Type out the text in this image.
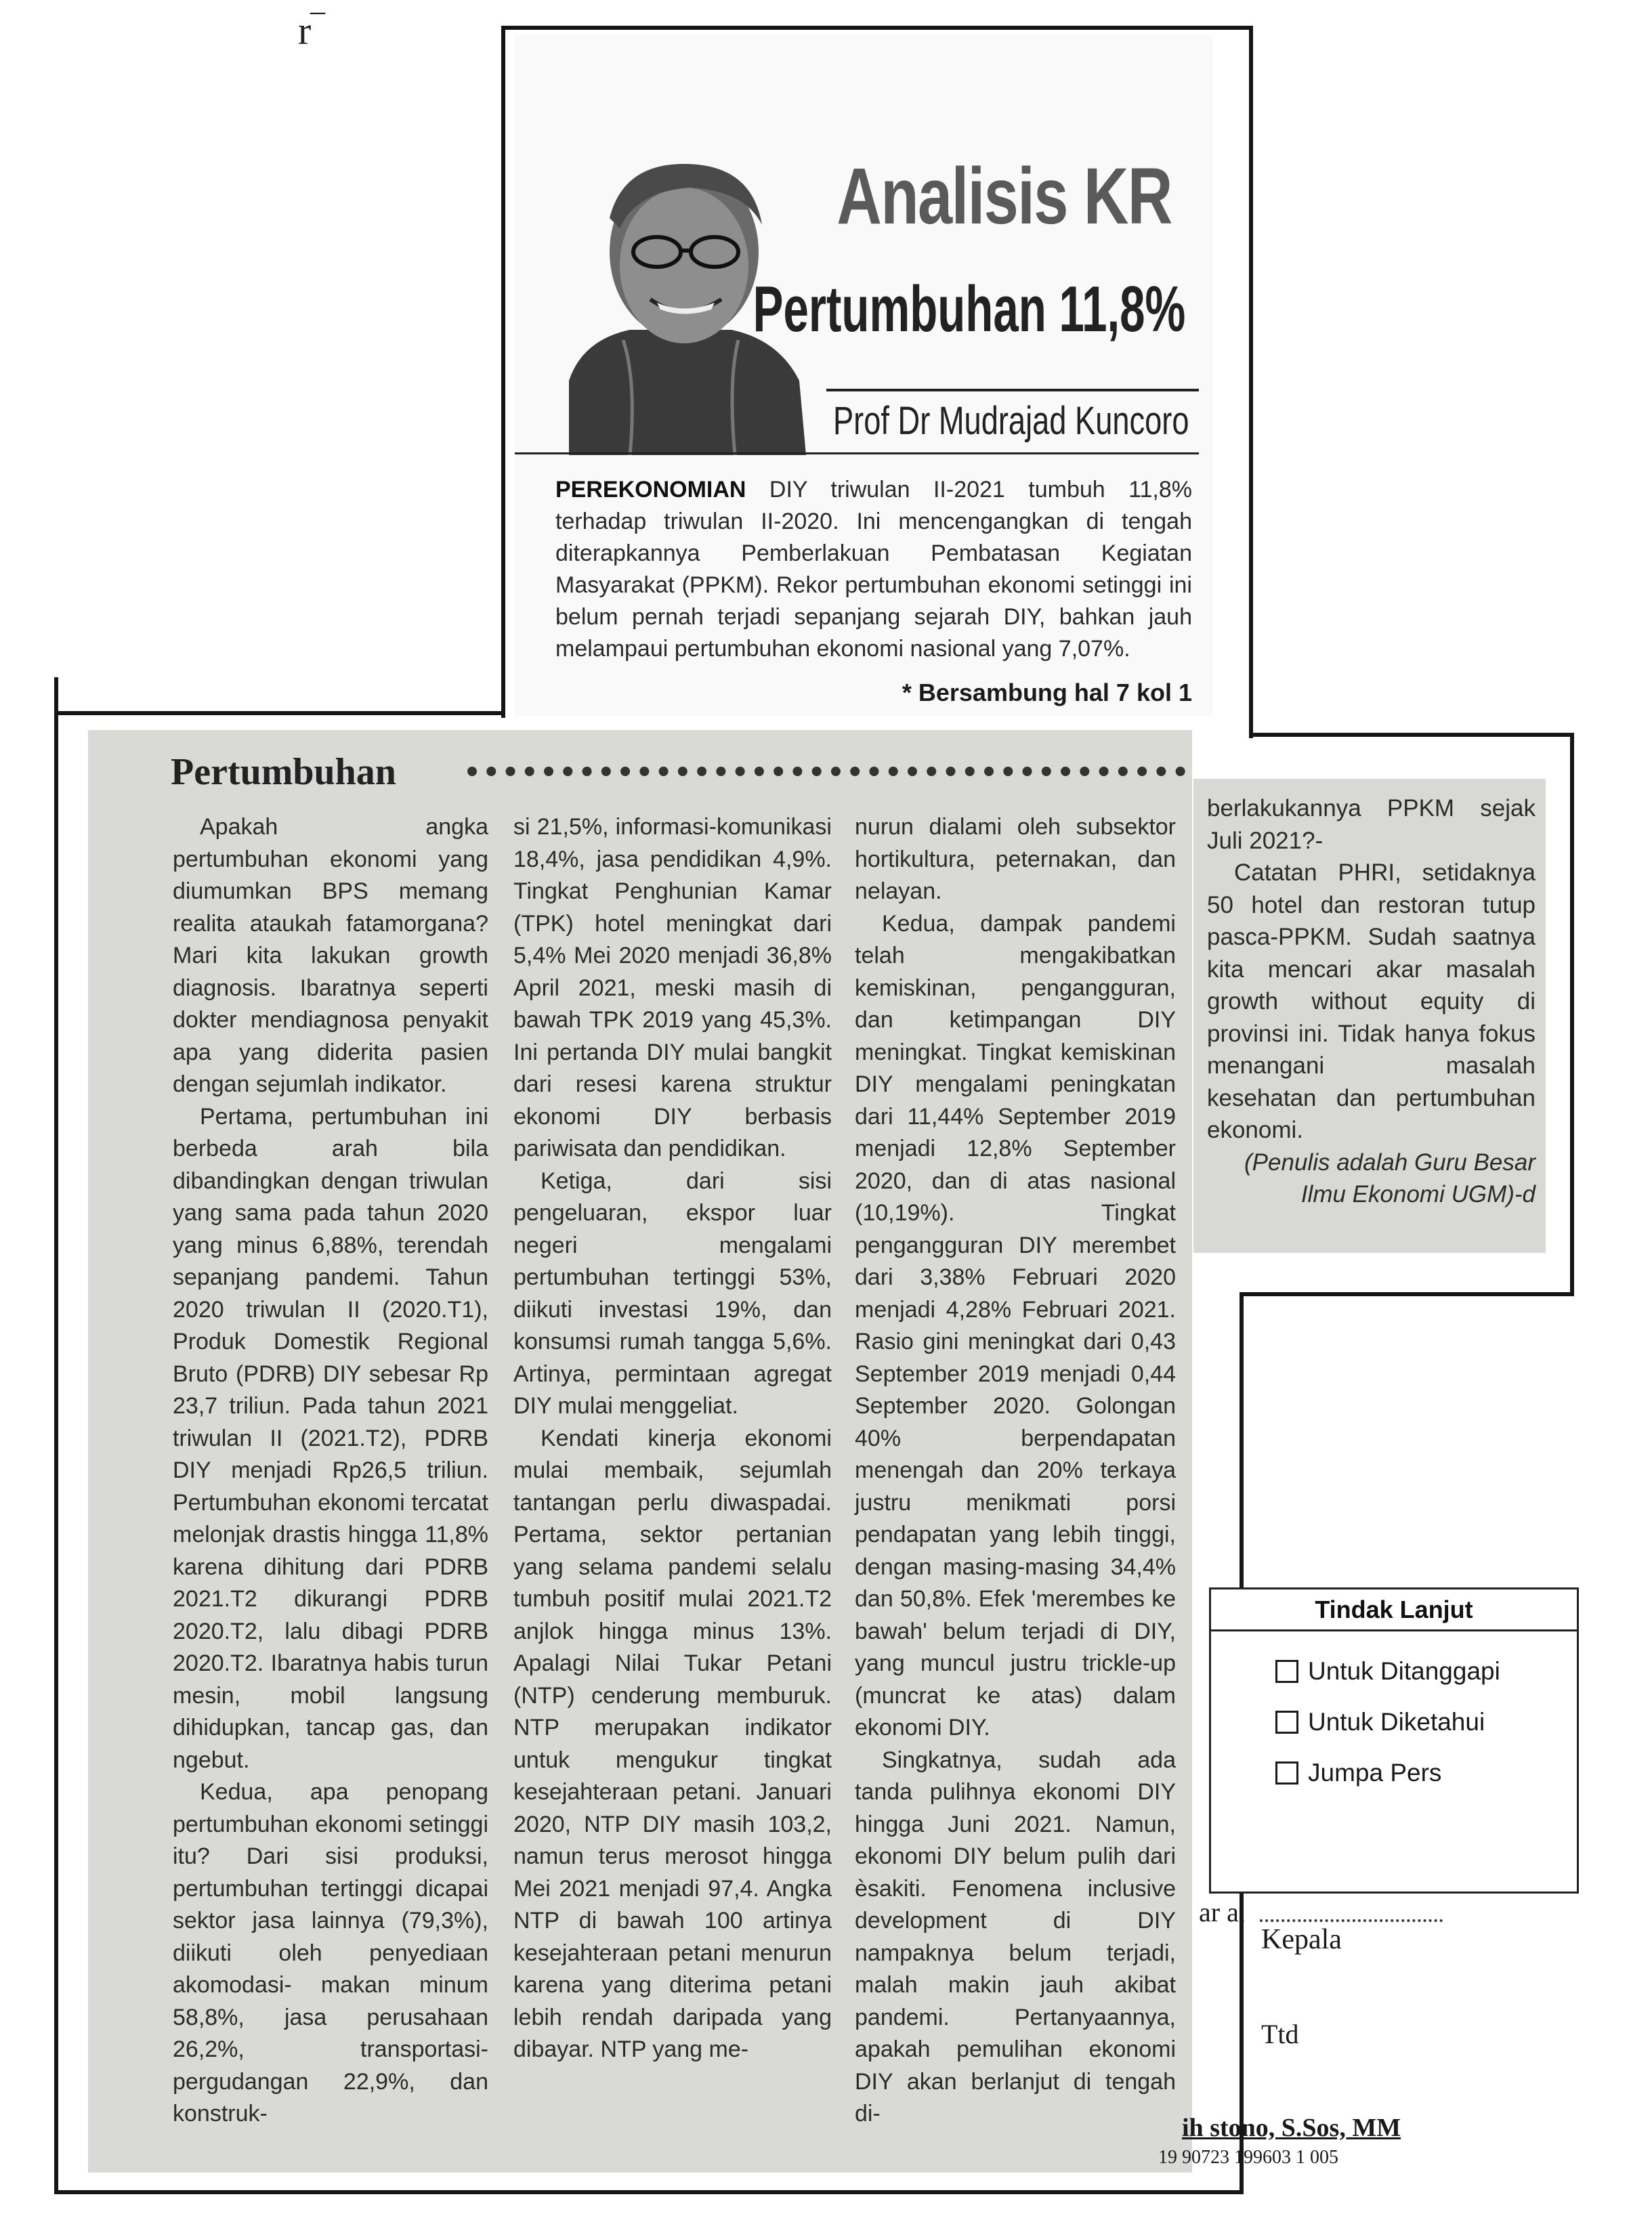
r‾
Analisis KR
Pertumbuhan 11,8%
Prof Dr Mudrajad Kuncoro
PEREKONOMIAN DIY triwulan II-2021 tumbuh 11,8% terhadap triwulan II-2020. Ini mencengangkan di tengah diterapkannya Pemberlakuan Pembatasan Kegiatan Masyarakat (PPKM). Rekor pertumbuhan ekonomi setinggi ini belum pernah terjadi sepanjang sejarah DIY, bahkan jauh melampaui pertumbuhan ekonomi nasional yang 7,07%.
* Bersambung hal 7 kol 1
Pertumbuhan

Apakah angka pertumbuhan ekonomi yang diumumkan BPS memang realita ataukah fatamorgana? Mari kita lakukan growth diagnosis. Ibaratnya seperti dokter mendiagnosa penyakit apa yang diderita pasien dengan sejumlah indikator.

Pertama, pertumbuhan ini berbeda arah bila dibandingkan dengan triwulan yang sama pada tahun 2020 yang minus 6,88%, terendah sepanjang pandemi. Tahun 2020 triwulan II (2020.T1), Produk Domestik Regional Bruto (PDRB) DIY sebesar Rp 23,7 triliun. Pada tahun 2021 triwulan II (2021.T2), PDRB DIY menjadi Rp26,5 triliun. Pertumbuhan ekonomi tercatat melonjak drastis hingga 11,8% karena dihitung dari PDRB 2021.T2 dikurangi PDRB 2020.T2, lalu dibagi PDRB 2020.T2. Ibaratnya habis turun mesin, mobil langsung dihidupkan, tancap gas, dan ngebut.

Kedua, apa penopang pertumbuhan ekonomi setinggi itu? Dari sisi produksi, pertumbuhan tertinggi dicapai sektor jasa lainnya (79,3%), diikuti oleh penyediaan akomodasi- makan minum 58,8%, jasa perusahaan 26,2%, transportasi-pergudangan 22,9%, dan konstruk-

si 21,5%, informasi-komunikasi 18,4%, jasa pendidikan 4,9%. Tingkat Penghunian Kamar (TPK) hotel meningkat dari 5,4% Mei 2020 menjadi 36,8% April 2021, meski masih di bawah TPK 2019 yang 45,3%. Ini pertanda DIY mulai bangkit dari resesi karena struktur ekonomi DIY berbasis pariwisata dan pendidikan.

Ketiga, dari sisi pengeluaran, ekspor luar negeri mengalami pertumbuhan tertinggi 53%, diikuti investasi 19%, dan konsumsi rumah tangga 5,6%. Artinya, permintaan agregat DIY mulai menggeliat.

Kendati kinerja ekonomi mulai membaik, sejumlah tantangan perlu diwaspadai. Pertama, sektor pertanian yang selama pandemi selalu tumbuh positif mulai 2021.T2 anjlok hingga minus 13%. Apalagi Nilai Tukar Petani (NTP) cenderung memburuk. NTP merupakan indikator untuk mengukur tingkat kesejahteraan petani. Januari 2020, NTP DIY masih 103,2, namun terus merosot hingga Mei 2021 menjadi 97,4. Angka NTP di bawah 100 artinya kesejahteraan petani menurun karena yang diterima petani lebih rendah daripada yang dibayar. NTP yang me-

nurun dialami oleh subsektor hortikultura, peternakan, dan nelayan.

Kedua, dampak pandemi telah mengakibatkan kemiskinan, pengangguran, dan ketimpangan DIY meningkat. Tingkat kemiskinan DIY mengalami peningkatan dari 11,44% September 2019 menjadi 12,8% September 2020, dan di atas nasional (10,19%). Tingkat pengangguran DIY merembet dari 3,38% Februari 2020 menjadi 4,28% Februari 2021. Rasio gini meningkat dari 0,43 September 2019 menjadi 0,44 September 2020. Golongan 40% berpendapatan menengah dan 20% terkaya justru menikmati porsi pendapatan yang lebih tinggi, dengan masing-masing 34,4% dan 50,8%. Efek 'merembes ke bawah' belum terjadi di DIY, yang muncul justru trickle-up (muncrat ke atas) dalam ekonomi DIY.

Singkatnya, sudah ada tanda pulihnya ekonomi DIY hingga Juni 2021. Namun, ekonomi DIY belum pulih dari èsakiti. Fenomena inclusive development di DIY nampaknya belum terjadi, malah makin jauh akibat pandemi. Pertanyaannya, apakah pemulihan ekonomi DIY akan berlanjut di tengah di-

berlakukannya PPKM sejak Juli 2021?-

Catatan PHRI, setidaknya 50 hotel dan restoran tutup pasca-PPKM. Sudah saatnya kita mencari akar masalah growth without equity di provinsi ini. Tidak hanya fokus menangani masalah kesehatan dan pertumbuhan ekonomi.

(Penulis adalah Guru Besar Ilmu Ekonomi UGM)-d

Tindak Lanjut
Untuk Ditanggapi
Untuk Diketahui
Jumpa Pers
ar a,
Kepala
Ttd
ih stono, S.Sos, MM
19 90723 199603 1 005
